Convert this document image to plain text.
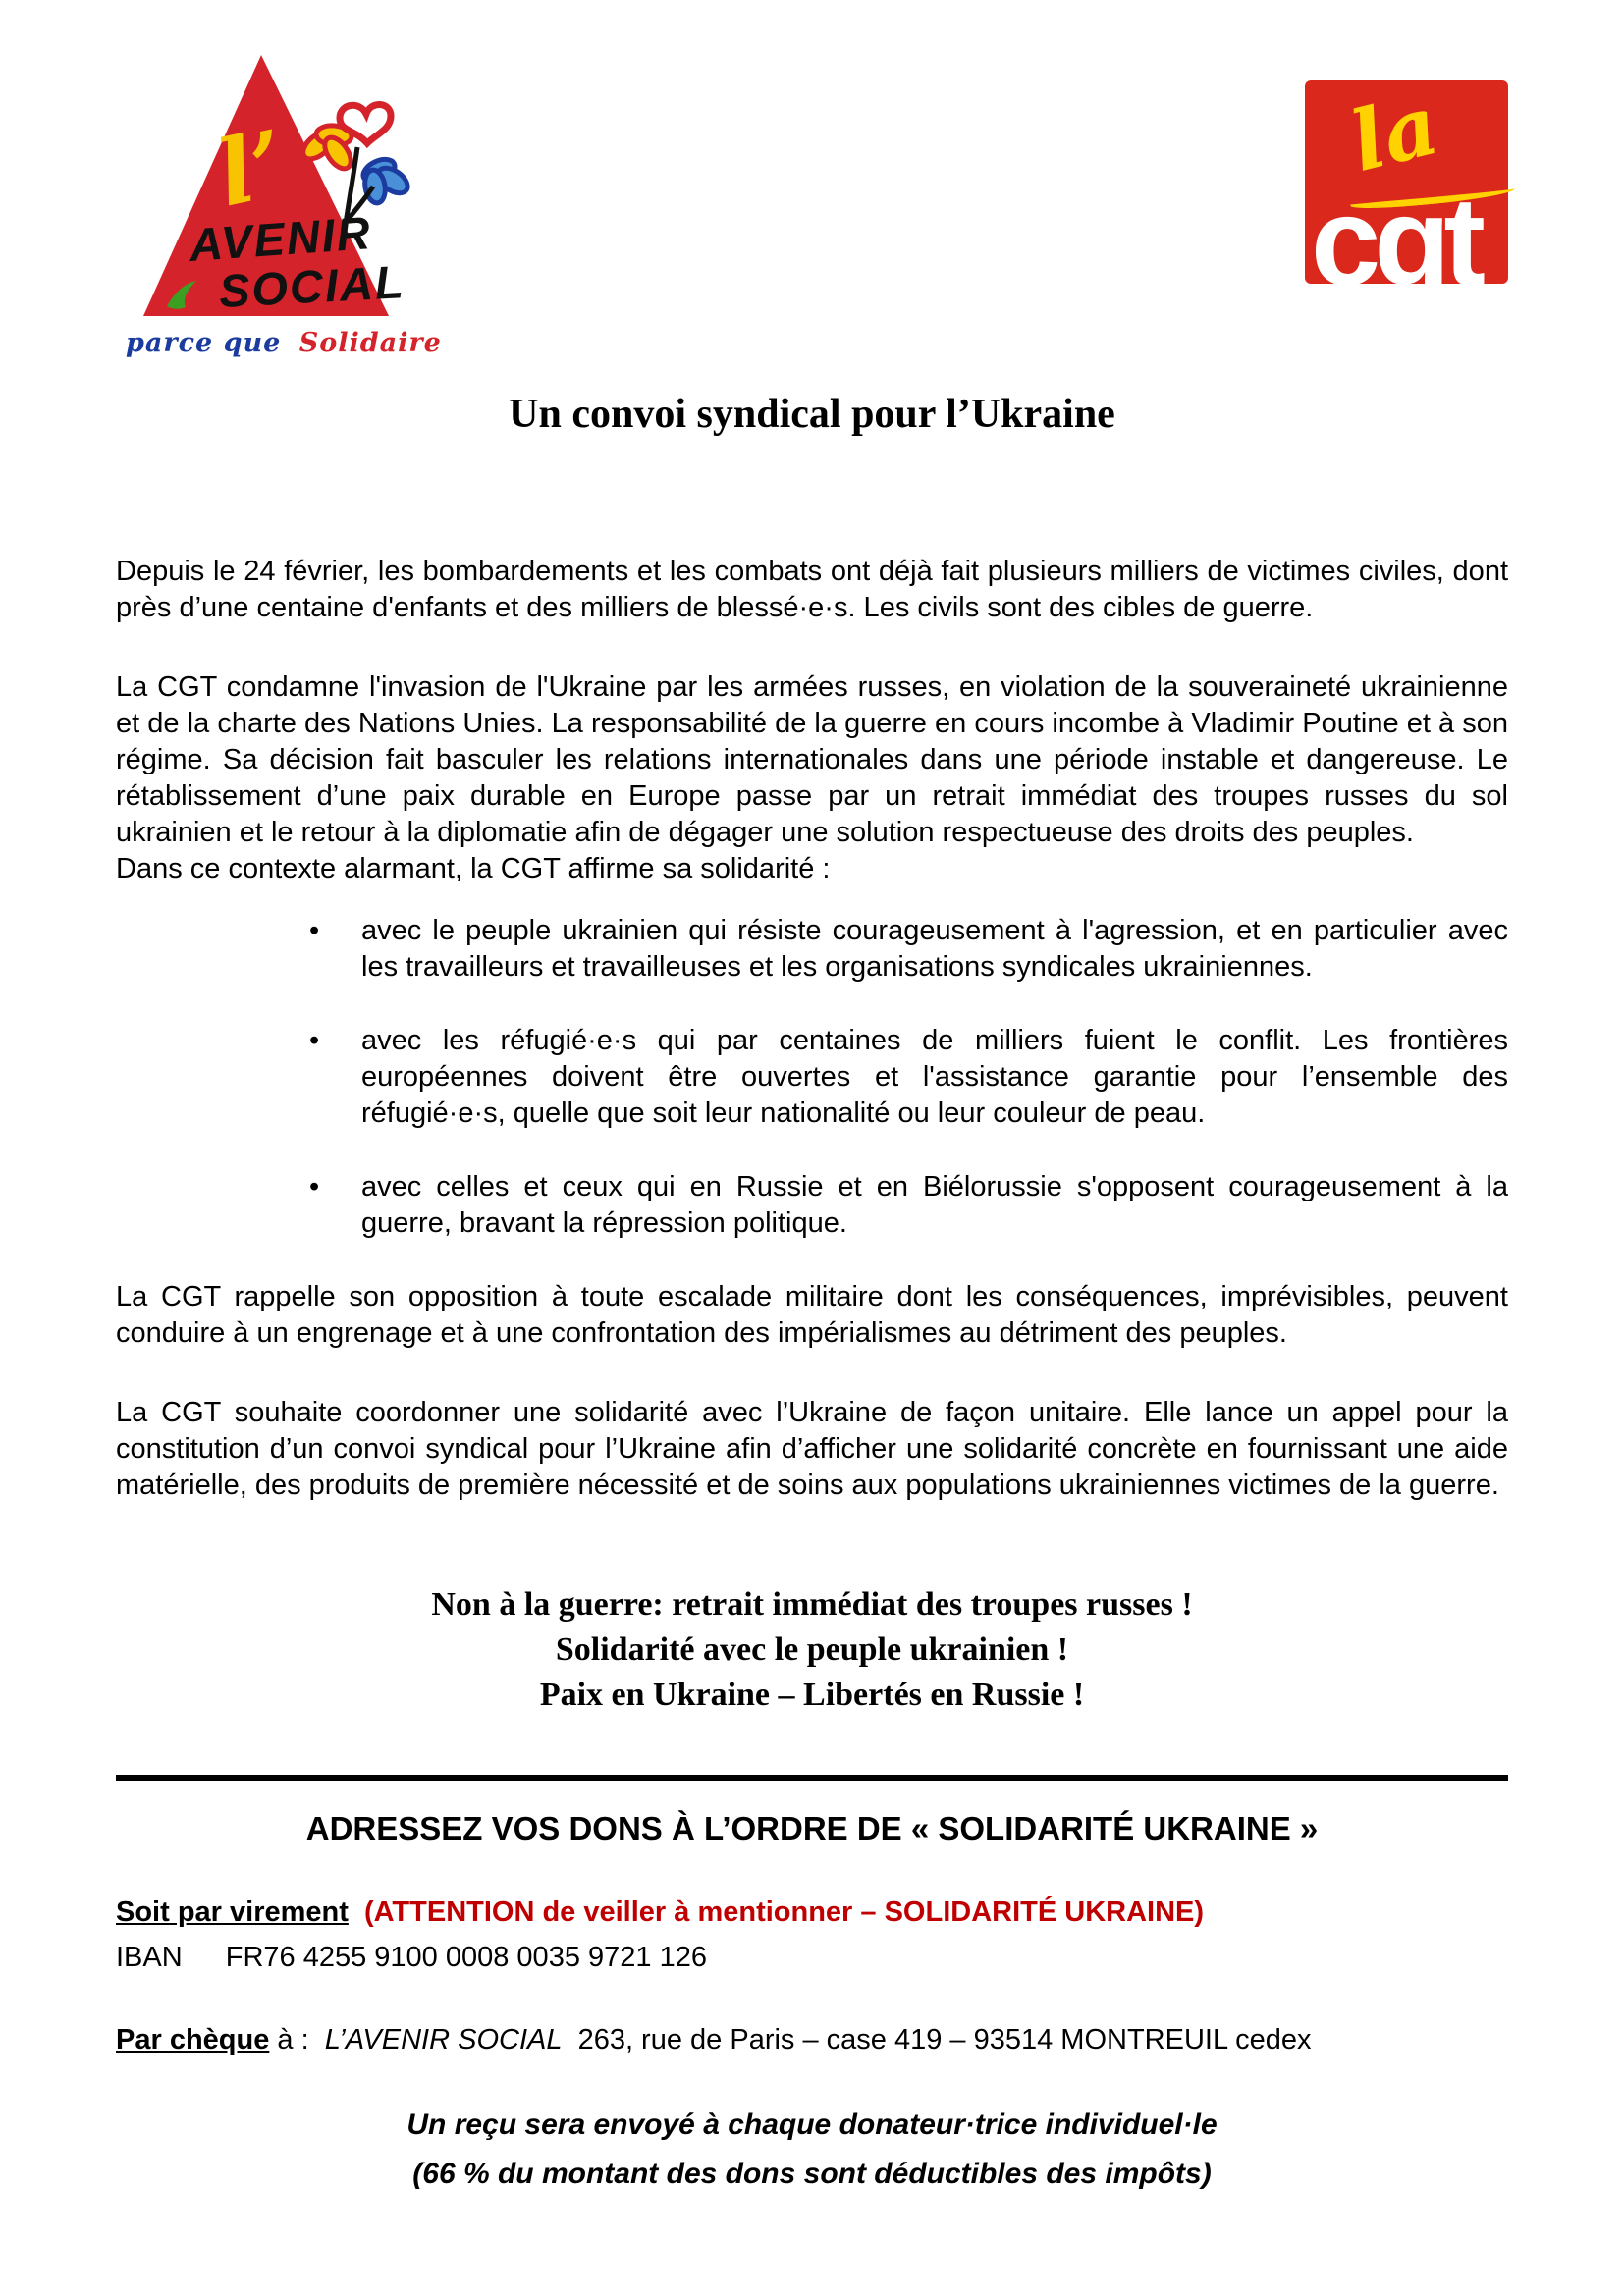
l’
AVENIR
SOCIAL
parce que Solidaire
la
cgt
Un convoi syndical pour l’Ukraine

Depuis le 24 février, les bombardements et les combats ont déjà fait plusieurs milliers de victimes civiles, dont près d’une centaine d'enfants et des milliers de blessé·e·s. Les civils sont des cibles de guerre.

La CGT condamne l'invasion de l'Ukraine par les armées russes, en violation de la souveraineté ukrainienne et de la charte des Nations Unies. La responsabilité de la guerre en cours incombe à Vladimir Poutine et à son régime. Sa décision fait basculer les relations internationales dans une période instable et dangereuse. Le rétablissement d’une paix durable en Europe passe par un retrait immédiat des troupes russes du sol ukrainien et le retour à la diplomatie afin de dégager une solution respectueuse des droits des peuples.

Dans ce contexte alarmant, la CGT affirme sa solidarité :

• avec le peuple ukrainien qui résiste courageusement à l'agression, et en particulier avec les travailleurs et travailleuses et les organisations syndicales ukrainiennes.
• avec les réfugié·e·s qui par centaines de milliers fuient le conflit. Les frontières européennes doivent être ouvertes et l'assistance garantie pour l’ensemble des réfugié·e·s, quelle que soit leur nationalité ou leur couleur de peau.
• avec celles et ceux qui en Russie et en Biélorussie s'opposent courageusement à la guerre, bravant la répression politique.

La CGT rappelle son opposition à toute escalade militaire dont les conséquences, imprévisibles, peuvent conduire à un engrenage et à une confrontation des impérialismes au détriment des peuples.

La CGT souhaite coordonner une solidarité avec l’Ukraine de façon unitaire. Elle lance un appel pour la constitution d’un convoi syndical pour l’Ukraine afin d’afficher une solidarité concrète en fournissant une aide matérielle, des produits de première nécessité et de soins aux populations ukrainiennes victimes de la guerre.

Non à la guerre: retrait immédiat des troupes russes !
Solidarité avec le peuple ukrainien !
Paix en Ukraine – Libertés en Russie !
ADRESSEZ VOS DONS À L’ORDRE DE « SOLIDARITÉ UKRAINE »

Soit par virement (ATTENTION de veiller à mentionner – SOLIDARITÉ UKRAINE)

IBAN FR76 4255 9100 0008 0035 9721 126

Par chèque à : L’AVENIR SOCIAL 263, rue de Paris – case 419 – 93514 MONTREUIL cedex

Un reçu sera envoyé à chaque donateur·trice individuel·le
(66 % du montant des dons sont déductibles des impôts)
